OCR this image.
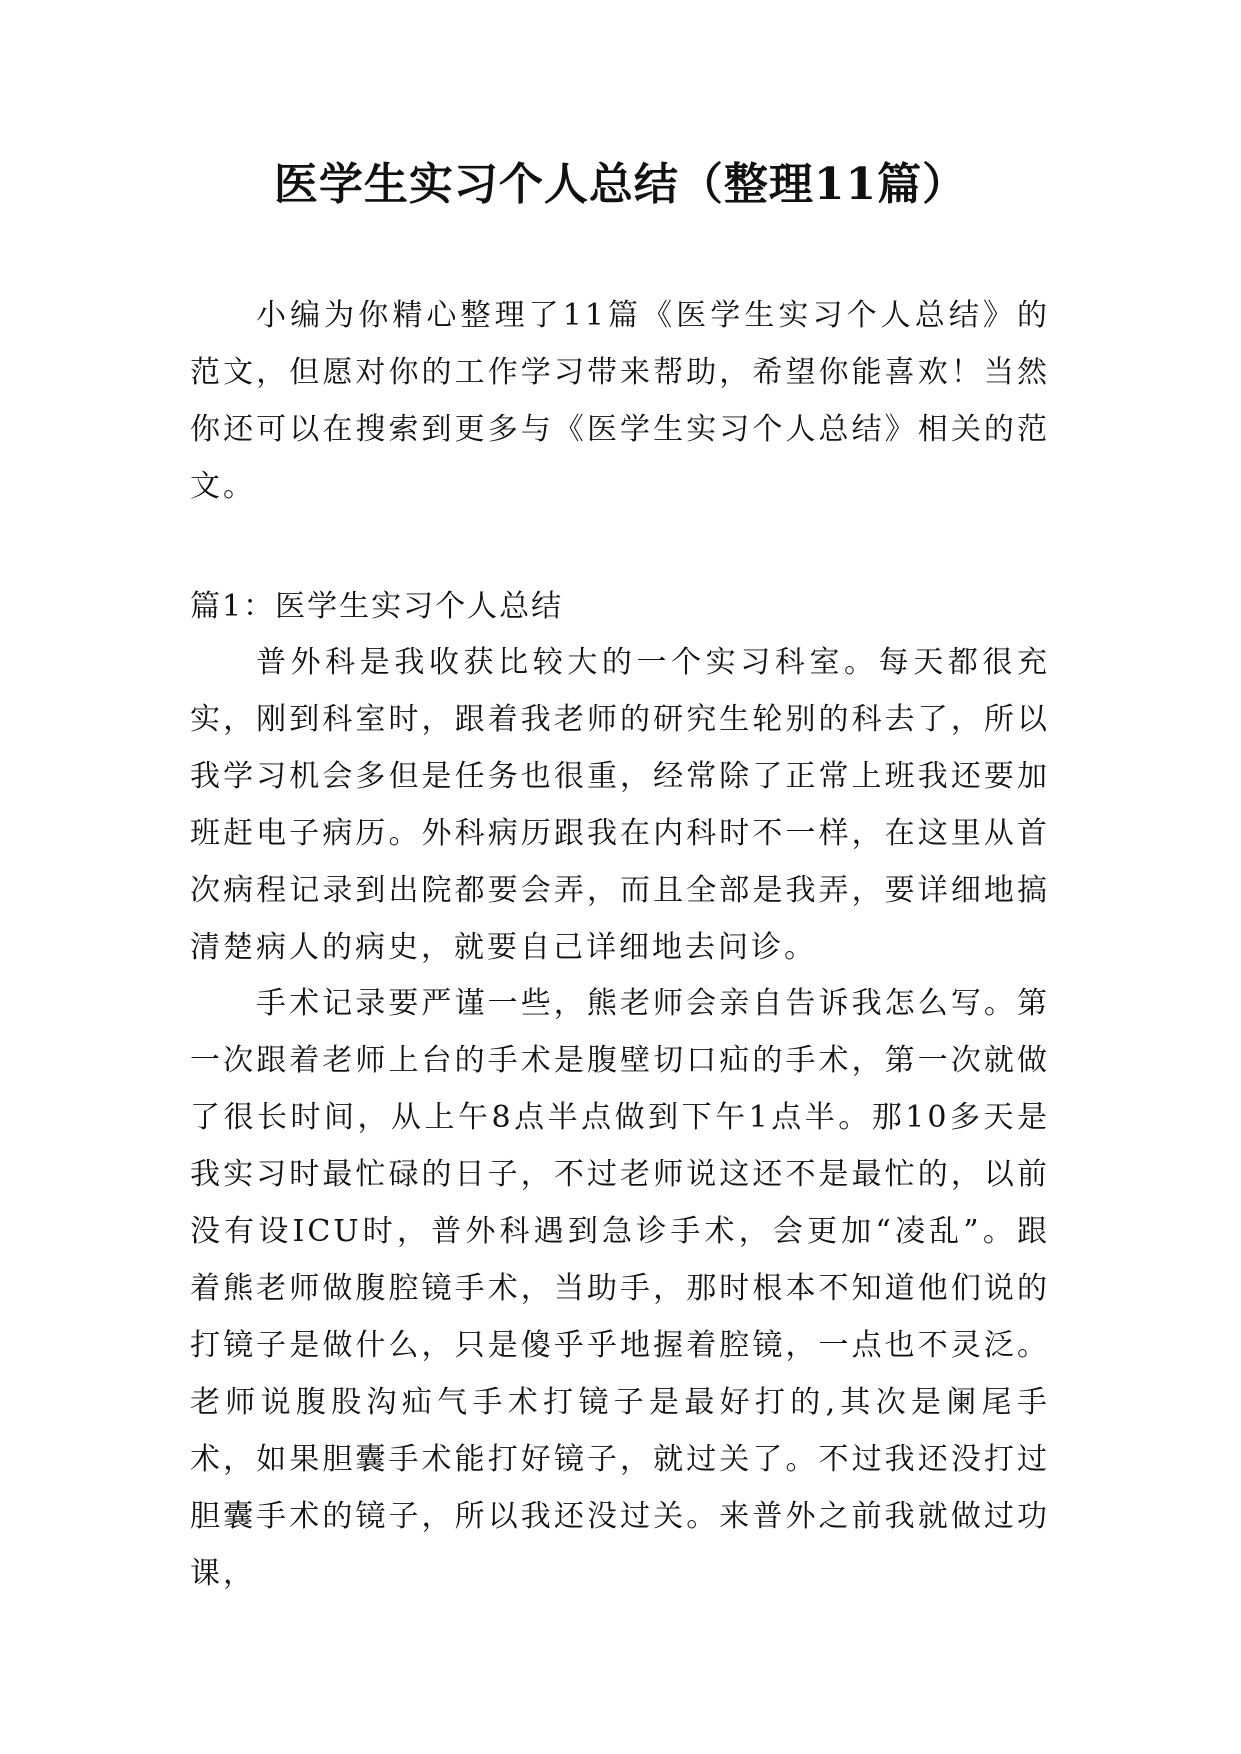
医学生实习个人总结（整理11篇）

小编为你精心整理了11篇《医学生实习个人总结》的范文，但愿对你的工作学习带来帮助，希望你能喜欢！当然你还可以在搜索到更多与《医学生实习个人总结》相关的范文。

篇1：医学生实习个人总结

普外科是我收获比较大的一个实习科室。每天都很充实，刚到科室时，跟着我老师的研究生轮别的科去了，所以我学习机会多但是任务也很重，经常除了正常上班我还要加班赶电子病历。外科病历跟我在内科时不一样，在这里从首次病程记录到出院都要会弄，而且全部是我弄，要详细地搞清楚病人的病史，就要自己详细地去问诊。

手术记录要严谨一些，熊老师会亲自告诉我怎么写。第一次跟着老师上台的手术是腹壁切口疝的手术，第一次就做了很长时间，从上午8点半点做到下午1点半。那10多天是我实习时最忙碌的日子，不过老师说这还不是最忙的，以前没有设ICU时，普外科遇到急诊手术，会更加“凌乱”。跟着熊老师做腹腔镜手术，当助手，那时根本不知道他们说的打镜子是做什么，只是傻乎乎地握着腔镜，一点也不灵泛。老师说腹股沟疝气手术打镜子是最好打的,其次是阑尾手术，如果胆囊手术能打好镜子，就过关了。不过我还没打过胆囊手术的镜子，所以我还没过关。来普外之前我就做过功课，
